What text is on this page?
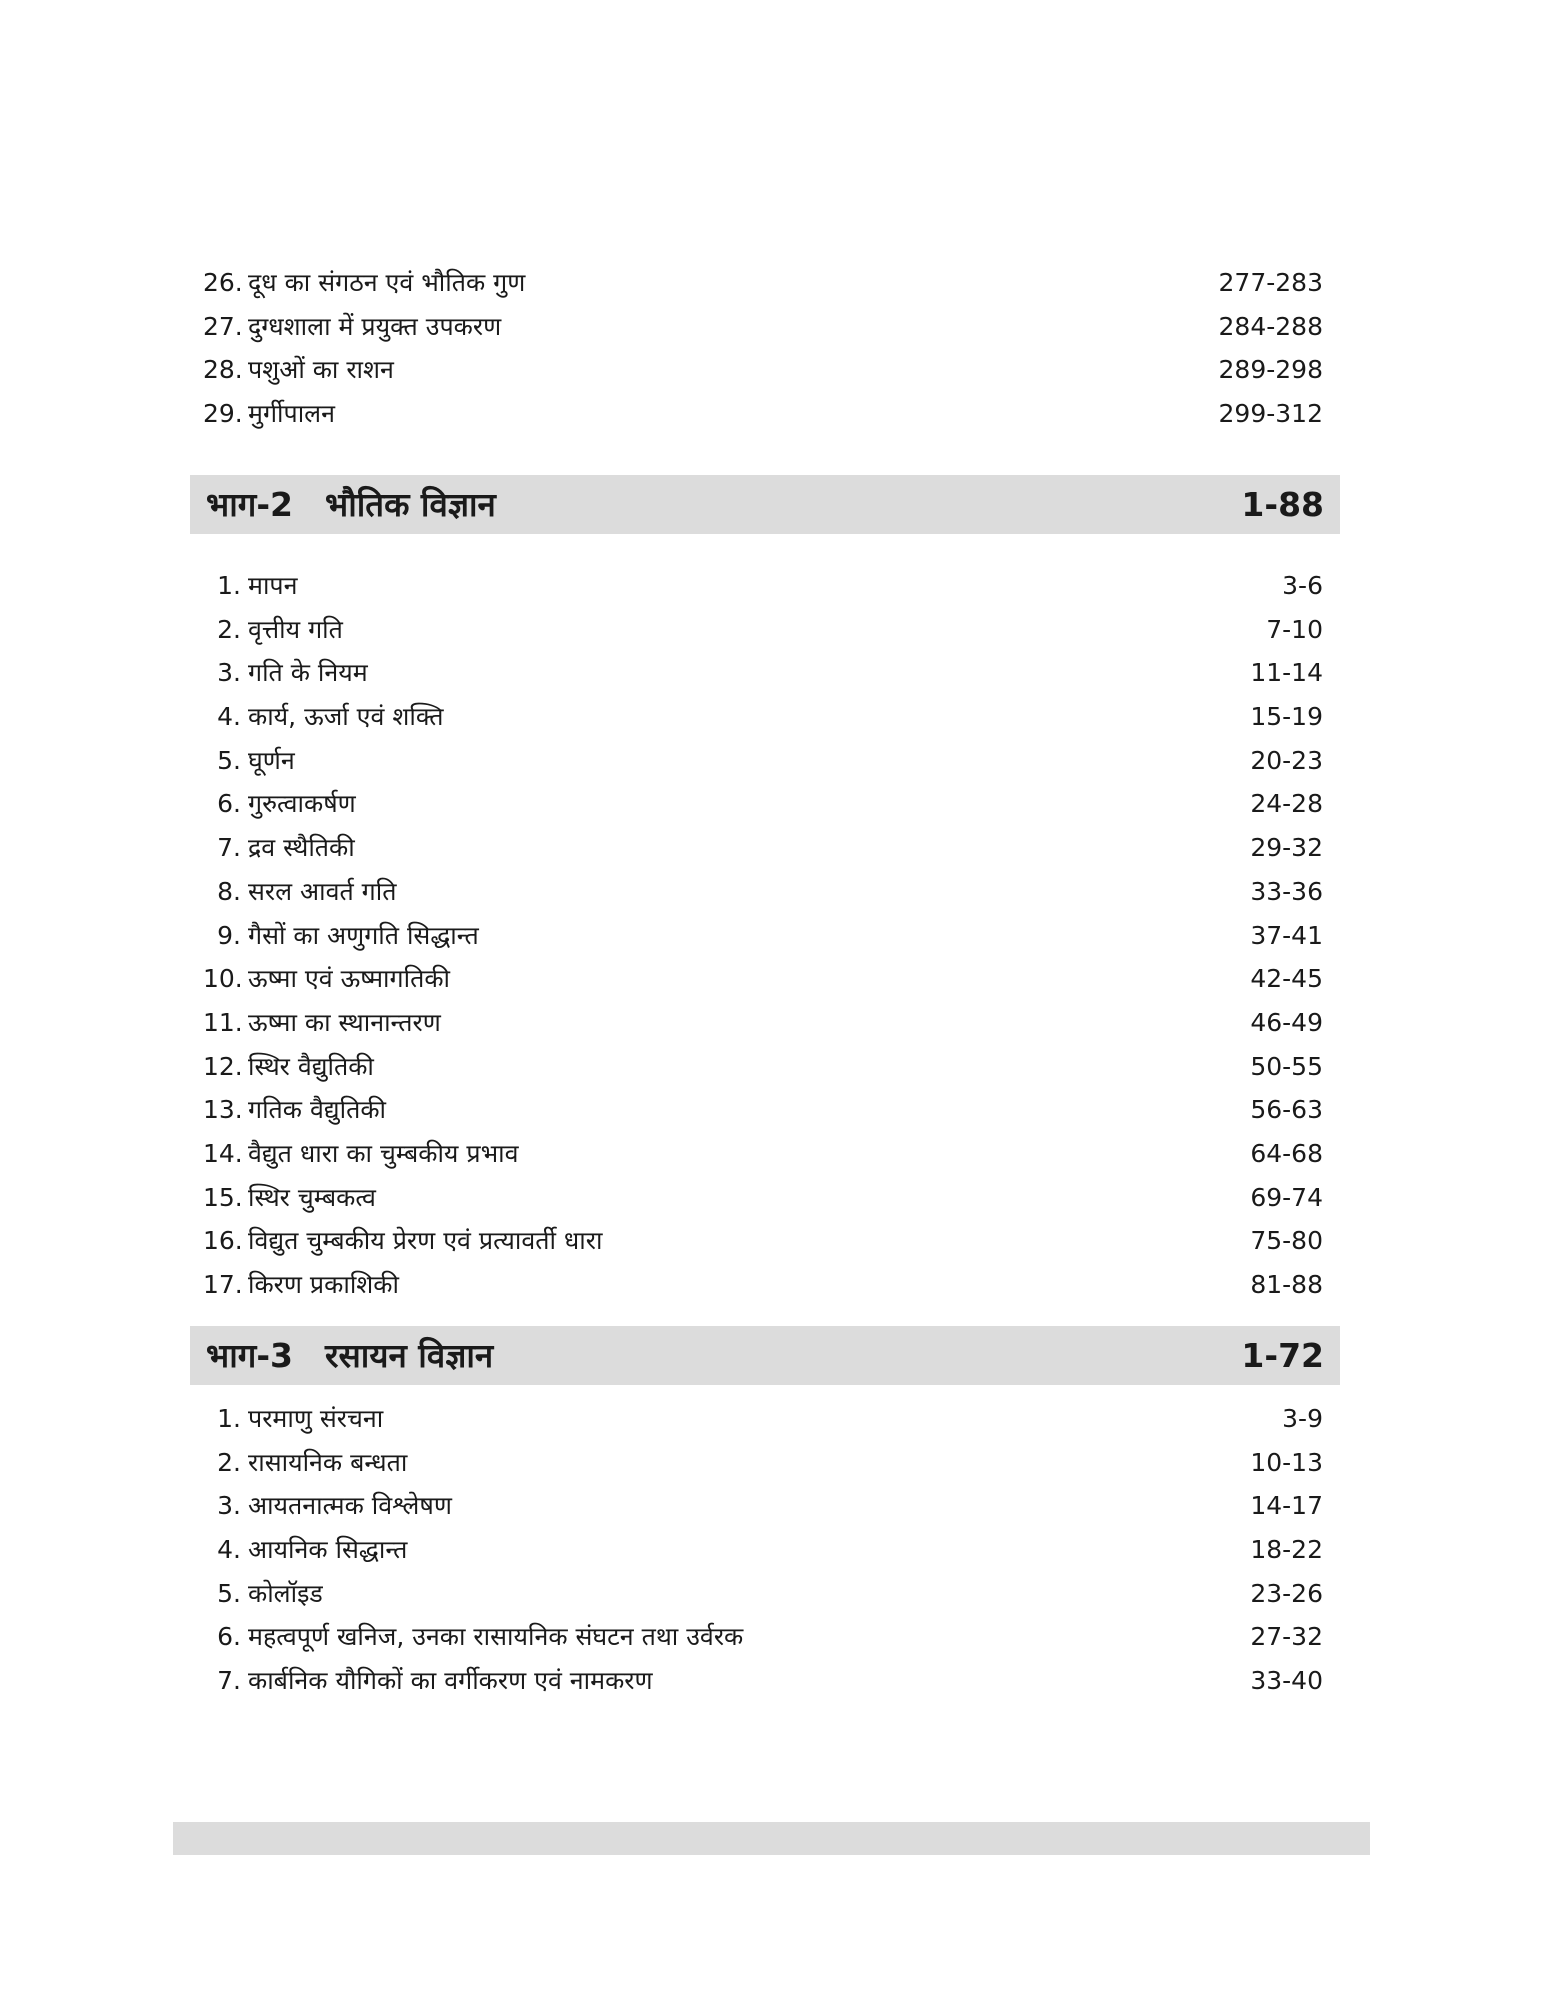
26. दूध का संगठन एवं भौतिक गुण	277-283
27. दुग्धशाला में प्रयुक्त उपकरण	284-288
28. पशुओं का राशन	289-298
29. मुर्गीपालन	299-312
भाग-2 भौतिक विज्ञान	1-88
1. मापन	3-6
2. वृत्तीय गति	7-10
3. गति के नियम	11-14
4. कार्य, ऊर्जा एवं शक्ति	15-19
5. घूर्णन	20-23
6. गुरुत्वाकर्षण	24-28
7. द्रव स्थैतिकी	29-32
8. सरल आवर्त गति	33-36
9. गैसों का अणुगति सिद्धान्त	37-41
10. ऊष्मा एवं ऊष्मागतिकी	42-45
11. ऊष्मा का स्थानान्तरण	46-49
12. स्थिर वैद्युतिकी	50-55
13. गतिक वैद्युतिकी	56-63
14. वैद्युत धारा का चुम्बकीय प्रभाव	64-68
15. स्थिर चुम्बकत्व	69-74
16. विद्युत चुम्बकीय प्रेरण एवं प्रत्यावर्ती धारा	75-80
17. किरण प्रकाशिकी	81-88
भाग-3 रसायन विज्ञान	1-72
1. परमाणु संरचना	3-9
2. रासायनिक बन्धता	10-13
3. आयतनात्मक विश्लेषण	14-17
4. आयनिक सिद्धान्त	18-22
5. कोलॉइड	23-26
6. महत्वपूर्ण खनिज, उनका रासायनिक संघटन तथा उर्वरक	27-32
7. कार्बनिक यौगिकों का वर्गीकरण एवं नामकरण	33-40
